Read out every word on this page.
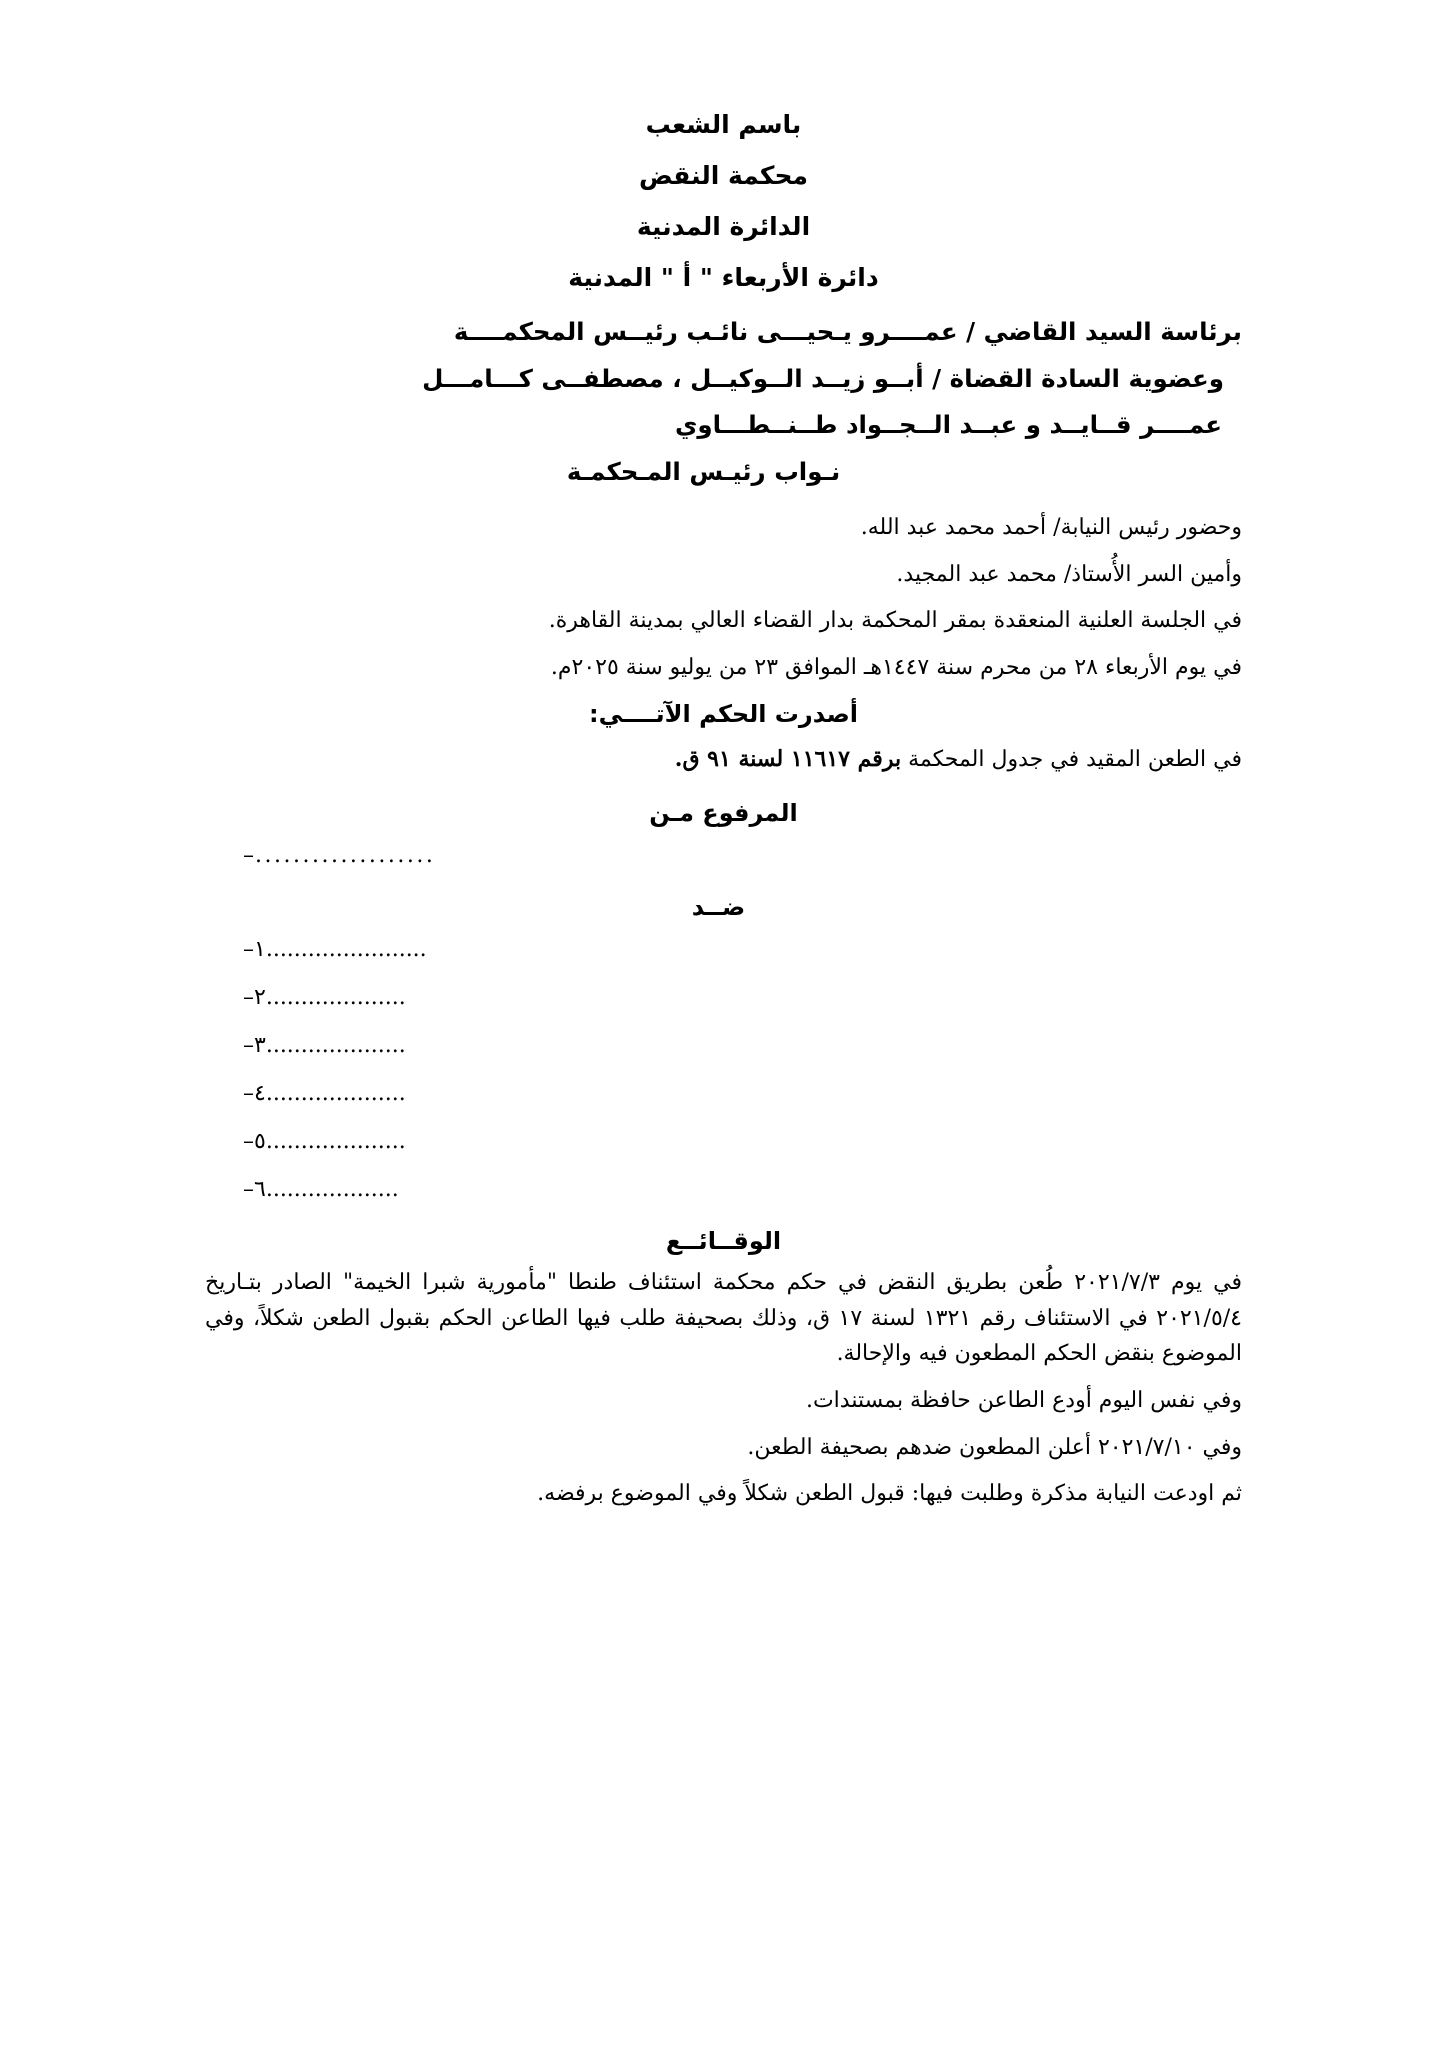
باسم الشعب
محكمة النقض
الدائرة المدنية
دائرة الأربعاء " أ " المدنية
برئاسة السيد القاضي / عمــــرو يـحيـــى نائـب رئيــس المحكمــــة
وعضوية السادة القضاة / أبــو زيــد الــوكيــل ، مصطفــى كـــامـــل
عمــــر قــايــد و عبــد الــجــواد طــنــطـــاوي
نـواب رئيـس المـحكمـة

وحضور رئيس النيابة/ أحمد محمد عبد الله.

وأمين السر الأُستاذ/ محمد عبد المجيد.

في الجلسة العلنية المنعقدة بمقر المحكمة بدار القضاء العالي بمدينة القاهرة.

في يوم الأربعاء ٢٨ من محرم سنة ١٤٤٧هـ الموافق ٢٣ من يوليو سنة ٢٠٢٥م.

أصدرت الحكم الآتــــي:

في الطعن المقيد في جدول المحكمة برقم ١١٦١٧ لسنة ٩١ ق.

المرفوع مـن
...................–
ضــد
.......................١–
....................٢–
....................٣–
....................٤–
....................٥–
...................٦–
الوقــائــع

في يوم ٢٠٢١/٧/٣ طُعن بطريق النقض في حكم محكمة استئناف طنطا "مأمورية شبرا الخيمة" الصادر بتـاريخ ٢٠٢١/٥/٤ في الاستئناف رقم ١٣٢١ لسنة ١٧ ق، وذلك بصحيفة طلب فيها الطاعن الحكم بقبول الطعن شكلاً، وفي الموضوع بنقض الحكم المطعون فيه والإحالة.

وفي نفس اليوم أودع الطاعن حافظة بمستندات.

وفي ٢٠٢١/٧/١٠ أعلن المطعون ضدهم بصحيفة الطعن.

ثم اودعت النيابة مذكرة وطلبت فيها: قبول الطعن شكلاً وفي الموضوع برفضه.
